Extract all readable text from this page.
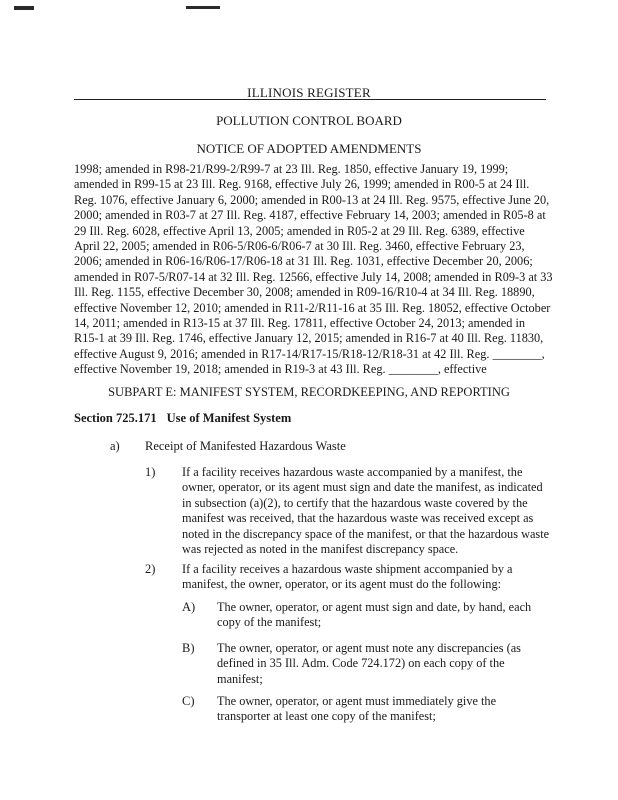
ILLINOIS REGISTER
POLLUTION CONTROL BOARD
NOTICE OF ADOPTED AMENDMENTS
1998; amended in R98-21/R99-2/R99-7 at 23 Ill. Reg. 1850, effective January 19, 1999;
amended in R99-15 at 23 Ill. Reg. 9168, effective July 26, 1999; amended in R00-5 at 24 Ill.
Reg. 1076, effective January 6, 2000; amended in R00-13 at 24 Ill. Reg. 9575, effective June 20,
2000; amended in R03-7 at 27 Ill. Reg. 4187, effective February 14, 2003; amended in R05-8 at
29 Ill. Reg. 6028, effective April 13, 2005; amended in R05-2 at 29 Ill. Reg. 6389, effective
April 22, 2005; amended in R06-5/R06-6/R06-7 at 30 Ill. Reg. 3460, effective February 23,
2006; amended in R06-16/R06-17/R06-18 at 31 Ill. Reg. 1031, effective December 20, 2006;
amended in R07-5/R07-14 at 32 Ill. Reg. 12566, effective July 14, 2008; amended in R09-3 at 33
Ill. Reg. 1155, effective December 30, 2008; amended in R09-16/R10-4 at 34 Ill. Reg. 18890,
effective November 12, 2010; amended in R11-2/R11-16 at 35 Ill. Reg. 18052, effective October
14, 2011; amended in R13-15 at 37 Ill. Reg. 17811, effective October 24, 2013; amended in
R15-1 at 39 Ill. Reg. 1746, effective January 12, 2015; amended in R16-7 at 40 Ill. Reg. 11830,
effective August 9, 2016; amended in R17-14/R17-15/R18-12/R18-31 at 42 Ill. Reg. ________,
effective November 19, 2018; amended in R19-3 at 43 Ill. Reg. ________, effective
SUBPART E: MANIFEST SYSTEM, RECORDKEEPING, AND REPORTING
Section 725.171 Use of Manifest System
a) Receipt of Manifested Hazardous Waste
1) If a facility receives hazardous waste accompanied by a manifest, the
owner, operator, or its agent must sign and date the manifest, as indicated
in subsection (a)(2), to certify that the hazardous waste covered by the
manifest was received, that the hazardous waste was received except as
noted in the discrepancy space of the manifest, or that the hazardous waste
was rejected as noted in the manifest discrepancy space.
2) If a facility receives a hazardous waste shipment accompanied by a
manifest, the owner, operator, or its agent must do the following:
A) The owner, operator, or agent must sign and date, by hand, each
copy of the manifest;
B) The owner, operator, or agent must note any discrepancies (as
defined in 35 Ill. Adm. Code 724.172) on each copy of the
manifest;
C) The owner, operator, or agent must immediately give the
transporter at least one copy of the manifest;
